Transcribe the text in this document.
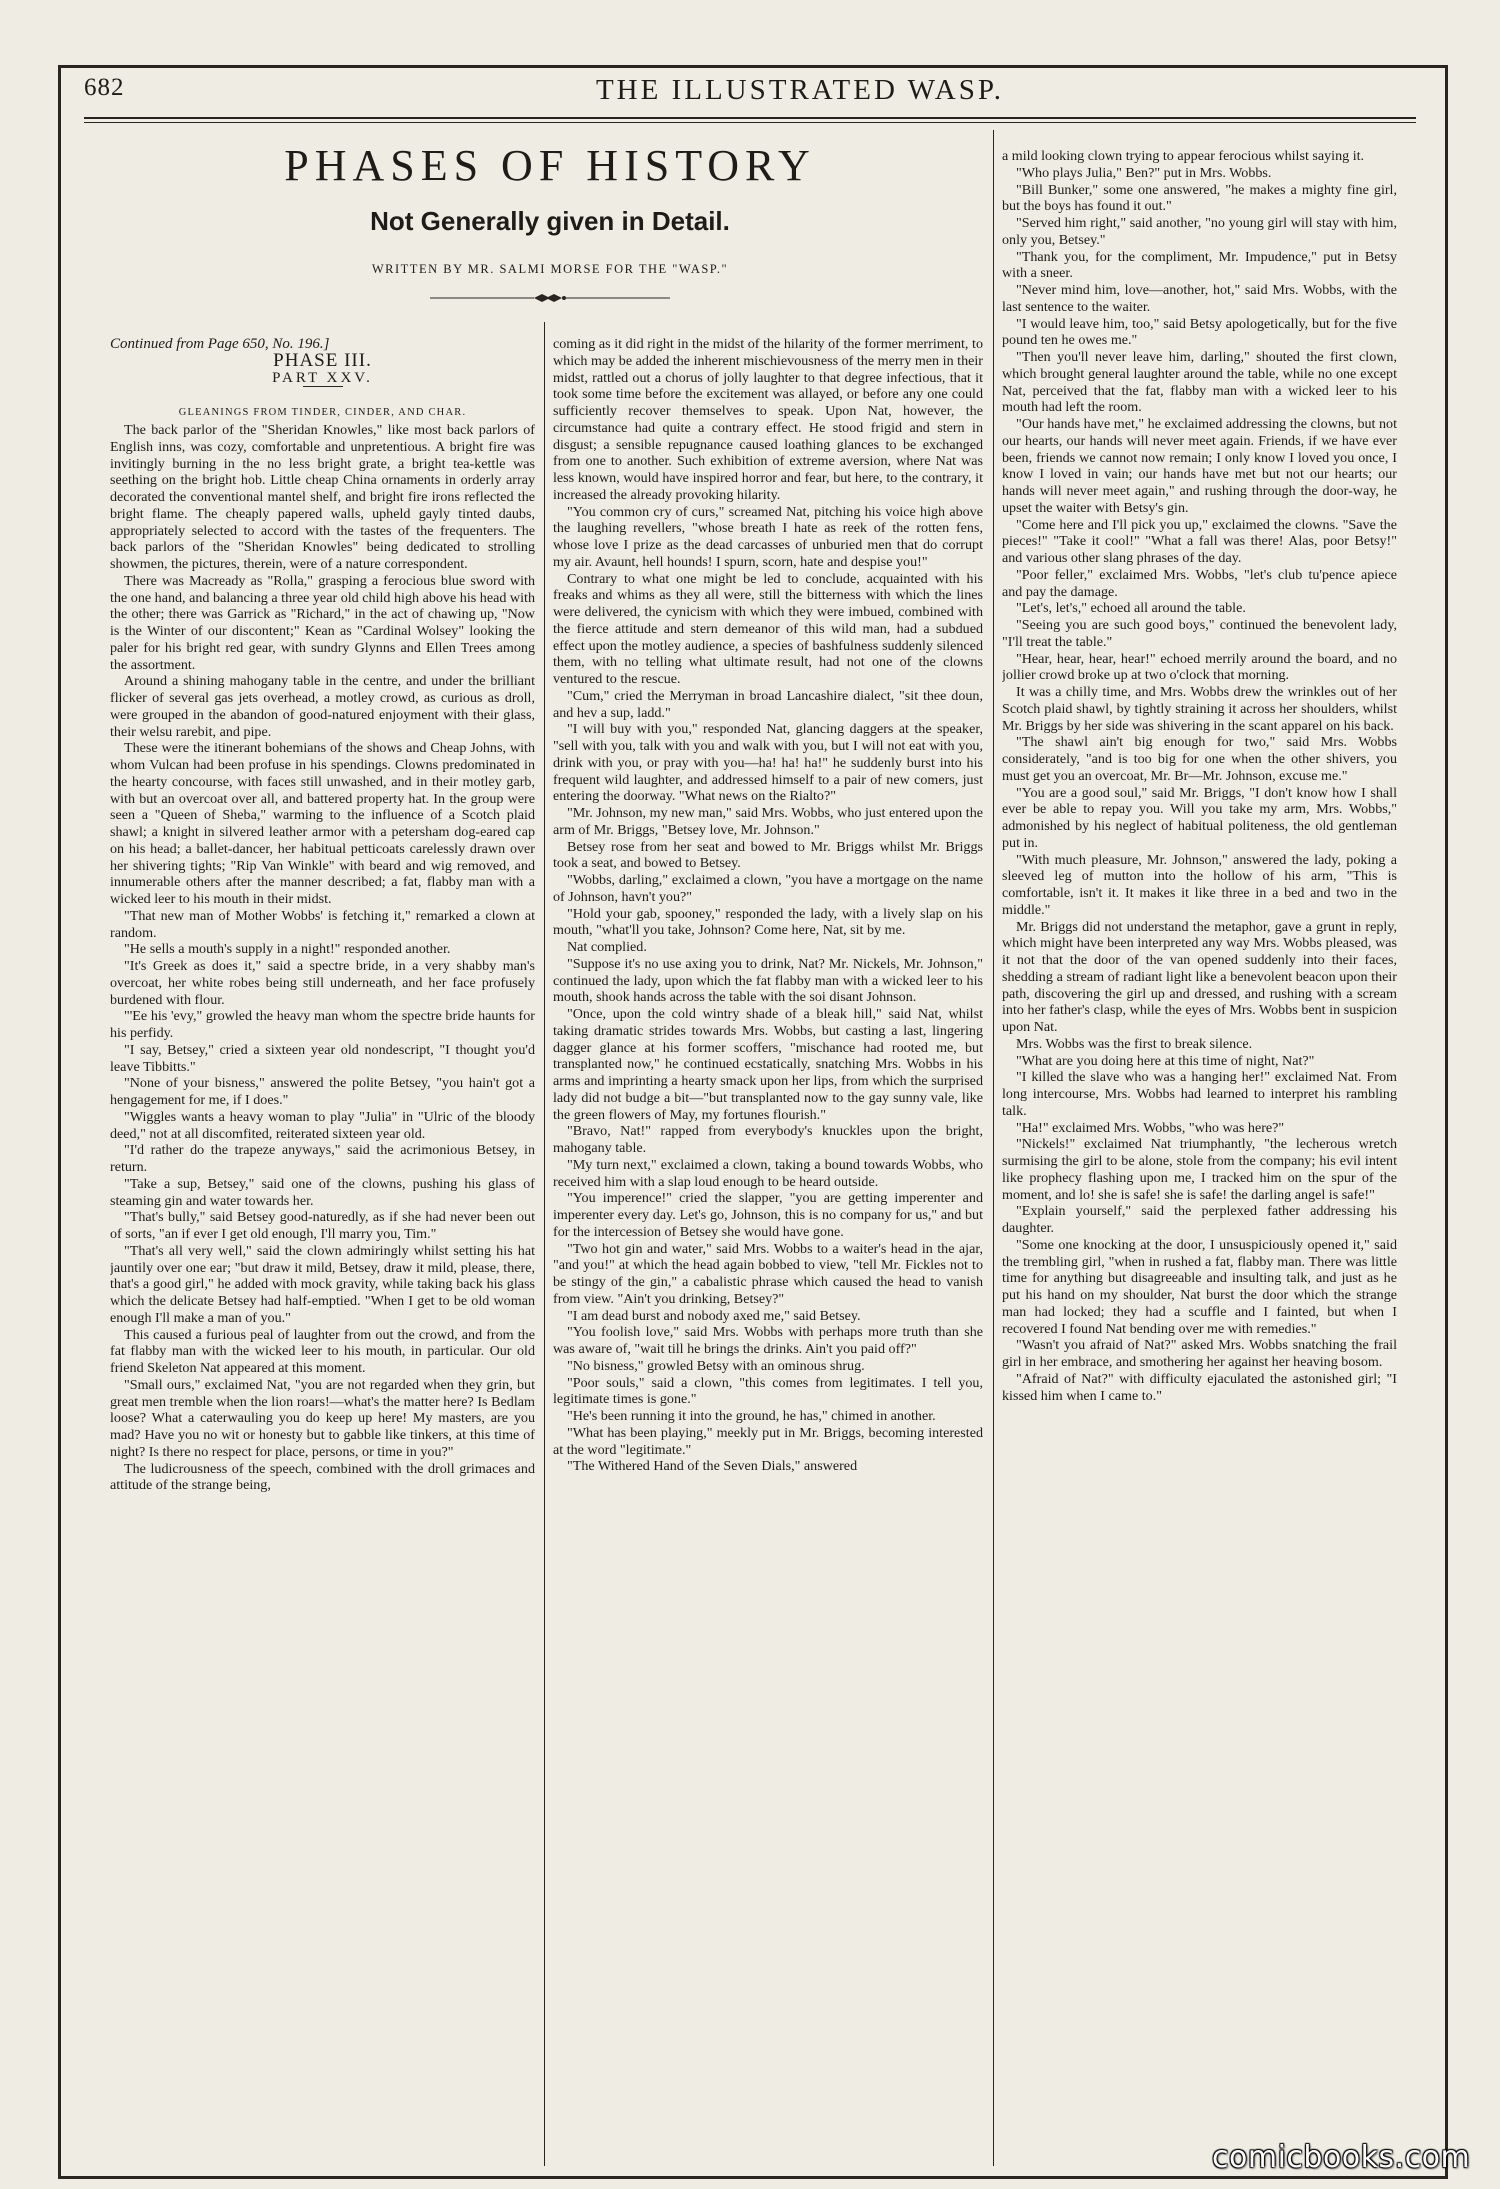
682	THE ILLUSTRATED WASP.
PHASES OF HISTORY
Not Generally given in Detail.
WRITTEN BY MR. SALMI MORSE FOR THE "WASP."

Continued from Page 650, No. 196.]

PHASE III.

PART XXV.

GLEANINGS FROM TINDER, CINDER, AND CHAR.

The back parlor of the "Sheridan Knowles," like most back parlors of English inns, was cozy, comfortable and unpretentious. A bright fire was invitingly burning in the no less bright grate, a bright tea-kettle was seething on the bright hob. Little cheap China ornaments in orderly array decorated the conventional mantel shelf, and bright fire irons reflected the bright flame. The cheaply papered walls, upheld gayly tinted daubs, appropriately selected to accord with the tastes of the frequenters. The back parlors of the "Sheridan Knowles" being dedicated to strolling showmen, the pictures, therein, were of a nature correspondent.

There was Macready as "Rolla," grasping a ferocious blue sword with the one hand, and balancing a three year old child high above his head with the other; there was Garrick as "Richard," in the act of chawing up, "Now is the Winter of our discontent;" Kean as "Cardinal Wolsey" looking the paler for his bright red gear, with sundry Glynns and Ellen Trees among the assortment.

Around a shining mahogany table in the centre, and under the brilliant flicker of several gas jets overhead, a motley crowd, as curious as droll, were grouped in the abandon of good-natured enjoyment with their glass, their welsu rarebit, and pipe.

These were the itinerant bohemians of the shows and Cheap Johns, with whom Vulcan had been profuse in his spendings. Clowns predominated in the hearty concourse, with faces still unwashed, and in their motley garb, with but an overcoat over all, and battered property hat. In the group were seen a "Queen of Sheba," warming to the influence of a Scotch plaid shawl; a knight in silvered leather armor with a petersham dog-eared cap on his head; a ballet-dancer, her habitual petticoats carelessly drawn over her shivering tights; "Rip Van Winkle" with beard and wig removed, and innumerable others after the manner described; a fat, flabby man with a wicked leer to his mouth in their midst.

"That new man of Mother Wobbs' is fetching it," remarked a clown at random.

"He sells a mouth's supply in a night!" responded another.

"It's Greek as does it," said a spectre bride, in a very shabby man's overcoat, her white robes being still underneath, and her face profusely burdened with flour.

"'Ee his 'evy," growled the heavy man whom the spectre bride haunts for his perfidy.

"I say, Betsey," cried a sixteen year old nondescript, "I thought you'd leave Tibbitts."

"None of your bisness," answered the polite Betsey, "you hain't got a hengagement for me, if I does."

"Wiggles wants a heavy woman to play "Julia" in "Ulric of the bloody deed," not at all discomfited, reiterated sixteen year old.

"I'd rather do the trapeze anyways," said the acrimonious Betsey, in return.

"Take a sup, Betsey," said one of the clowns, pushing his glass of steaming gin and water towards her.

"That's bully," said Betsey good-naturedly, as if she had never been out of sorts, "an if ever I get old enough, I'll marry you, Tim."

"That's all very well," said the clown admiringly whilst setting his hat jauntily over one ear; "but draw it mild, Betsey, draw it mild, please, there, that's a good girl," he added with mock gravity, while taking back his glass which the delicate Betsey had half-emptied. "When I get to be old woman enough I'll make a man of you."

This caused a furious peal of laughter from out the crowd, and from the fat flabby man with the wicked leer to his mouth, in particular. Our old friend Skeleton Nat appeared at this moment.

"Small ours," exclaimed Nat, "you are not regarded when they grin, but great men tremble when the lion roars!—what's the matter here? Is Bedlam loose? What a caterwauling you do keep up here! My masters, are you mad? Have you no wit or honesty but to gabble like tinkers, at this time of night? Is there no respect for place, persons, or time in you?"

The ludicrousness of the speech, combined with the droll grimaces and attitude of the strange being,

coming as it did right in the midst of the hilarity of the former merriment, to which may be added the inherent mischievousness of the merry men in their midst, rattled out a chorus of jolly laughter to that degree infectious, that it took some time before the excitement was allayed, or before any one could sufficiently recover themselves to speak. Upon Nat, however, the circumstance had quite a contrary effect. He stood frigid and stern in disgust; a sensible repugnance caused loathing glances to be exchanged from one to another. Such exhibition of extreme aversion, where Nat was less known, would have inspired horror and fear, but here, to the contrary, it increased the already provoking hilarity.

"You common cry of curs," screamed Nat, pitching his voice high above the laughing revellers, "whose breath I hate as reek of the rotten fens, whose love I prize as the dead carcasses of unburied men that do corrupt my air. Avaunt, hell hounds! I spurn, scorn, hate and despise you!"

Contrary to what one might be led to conclude, acquainted with his freaks and whims as they all were, still the bitterness with which the lines were delivered, the cynicism with which they were imbued, combined with the fierce attitude and stern demeanor of this wild man, had a subdued effect upon the motley audience, a species of bashfulness suddenly silenced them, with no telling what ultimate result, had not one of the clowns ventured to the rescue.

"Cum," cried the Merryman in broad Lancashire dialect, "sit thee doun, and hev a sup, ladd."

"I will buy with you," responded Nat, glancing daggers at the speaker, "sell with you, talk with you and walk with you, but I will not eat with you, drink with you, or pray with you—ha! ha! ha!" he suddenly burst into his frequent wild laughter, and addressed himself to a pair of new comers, just entering the doorway. "What news on the Rialto?"

"Mr. Johnson, my new man," said Mrs. Wobbs, who just entered upon the arm of Mr. Briggs, "Betsey love, Mr. Johnson."

Betsey rose from her seat and bowed to Mr. Briggs whilst Mr. Briggs took a seat, and bowed to Betsey.

"Wobbs, darling," exclaimed a clown, "you have a mortgage on the name of Johnson, havn't you?"

"Hold your gab, spooney," responded the lady, with a lively slap on his mouth, "what'll you take, Johnson? Come here, Nat, sit by me.

Nat complied.

"Suppose it's no use axing you to drink, Nat? Mr. Nickels, Mr. Johnson," continued the lady, upon which the fat flabby man with a wicked leer to his mouth, shook hands across the table with the soi disant Johnson.

"Once, upon the cold wintry shade of a bleak hill," said Nat, whilst taking dramatic strides towards Mrs. Wobbs, but casting a last, lingering dagger glance at his former scoffers, "mischance had rooted me, but transplanted now," he continued ecstatically, snatching Mrs. Wobbs in his arms and imprinting a hearty smack upon her lips, from which the surprised lady did not budge a bit—"but transplanted now to the gay sunny vale, like the green flowers of May, my fortunes flourish."

"Bravo, Nat!" rapped from everybody's knuckles upon the bright, mahogany table.

"My turn next," exclaimed a clown, taking a bound towards Wobbs, who received him with a slap loud enough to be heard outside.

"You imperence!" cried the slapper, "you are getting imperenter and imperenter every day. Let's go, Johnson, this is no company for us," and but for the intercession of Betsey she would have gone.

"Two hot gin and water," said Mrs. Wobbs to a waiter's head in the ajar, "and you!" at which the head again bobbed to view, "tell Mr. Fickles not to be stingy of the gin," a cabalistic phrase which caused the head to vanish from view. "Ain't you drinking, Betsey?"

"I am dead burst and nobody axed me," said Betsey.

"You foolish love," said Mrs. Wobbs with perhaps more truth than she was aware of, "wait till he brings the drinks. Ain't you paid off?"

"No bisness," growled Betsy with an ominous shrug.

"Poor souls," said a clown, "this comes from legitimates. I tell you, legitimate times is gone."

"He's been running it into the ground, he has," chimed in another.

"What has been playing," meekly put in Mr. Briggs, becoming interested at the word "legitimate."

"The Withered Hand of the Seven Dials," answered

a mild looking clown trying to appear ferocious whilst saying it.

"Who plays Julia," Ben?" put in Mrs. Wobbs.

"Bill Bunker," some one answered, "he makes a mighty fine girl, but the boys has found it out."

"Served him right," said another, "no young girl will stay with him, only you, Betsey."

"Thank you, for the compliment, Mr. Impudence," put in Betsy with a sneer.

"Never mind him, love—another, hot," said Mrs. Wobbs, with the last sentence to the waiter.

"I would leave him, too," said Betsy apologetically, but for the five pound ten he owes me."

"Then you'll never leave him, darling," shouted the first clown, which brought general laughter around the table, while no one except Nat, perceived that the fat, flabby man with a wicked leer to his mouth had left the room.

"Our hands have met," he exclaimed addressing the clowns, but not our hearts, our hands will never meet again. Friends, if we have ever been, friends we cannot now remain; I only know I loved you once, I know I loved in vain; our hands have met but not our hearts; our hands will never meet again," and rushing through the door-way, he upset the waiter with Betsy's gin.

"Come here and I'll pick you up," exclaimed the clowns. "Save the pieces!" "Take it cool!" "What a fall was there! Alas, poor Betsy!" and various other slang phrases of the day.

"Poor feller," exclaimed Mrs. Wobbs, "let's club tu'pence apiece and pay the damage.

"Let's, let's," echoed all around the table.

"Seeing you are such good boys," continued the benevolent lady, "I'll treat the table."

"Hear, hear, hear, hear!" echoed merrily around the board, and no jollier crowd broke up at two o'clock that morning.

It was a chilly time, and Mrs. Wobbs drew the wrinkles out of her Scotch plaid shawl, by tightly straining it across her shoulders, whilst Mr. Briggs by her side was shivering in the scant apparel on his back.

"The shawl ain't big enough for two," said Mrs. Wobbs considerately, "and is too big for one when the other shivers, you must get you an overcoat, Mr. Br—Mr. Johnson, excuse me."

"You are a good soul," said Mr. Briggs, "I don't know how I shall ever be able to repay you. Will you take my arm, Mrs. Wobbs," admonished by his neglect of habitual politeness, the old gentleman put in.

"With much pleasure, Mr. Johnson," answered the lady, poking a sleeved leg of mutton into the hollow of his arm, "This is comfortable, isn't it. It makes it like three in a bed and two in the middle."

Mr. Briggs did not understand the metaphor, gave a grunt in reply, which might have been interpreted any way Mrs. Wobbs pleased, was it not that the door of the van opened suddenly into their faces, shedding a stream of radiant light like a benevolent beacon upon their path, discovering the girl up and dressed, and rushing with a scream into her father's clasp, while the eyes of Mrs. Wobbs bent in suspicion upon Nat.

Mrs. Wobbs was the first to break silence.

"What are you doing here at this time of night, Nat?"

"I killed the slave who was a hanging her!" exclaimed Nat. From long intercourse, Mrs. Wobbs had learned to interpret his rambling talk.

"Ha!" exclaimed Mrs. Wobbs, "who was here?"

"Nickels!" exclaimed Nat triumphantly, "the lecherous wretch surmising the girl to be alone, stole from the company; his evil intent like prophecy flashing upon me, I tracked him on the spur of the moment, and lo! she is safe! she is safe! the darling angel is safe!"

"Explain yourself," said the perplexed father addressing his daughter.

"Some one knocking at the door, I unsuspiciously opened it," said the trembling girl, "when in rushed a fat, flabby man. There was little time for anything but disagreeable and insulting talk, and just as he put his hand on my shoulder, Nat burst the door which the strange man had locked; they had a scuffle and I fainted, but when I recovered I found Nat bending over me with remedies."

"Wasn't you afraid of Nat?" asked Mrs. Wobbs snatching the frail girl in her embrace, and smothering her against her heaving bosom.

"Afraid of Nat?" with difficulty ejaculated the astonished girl; "I kissed him when I came to."

comicbooks.com
